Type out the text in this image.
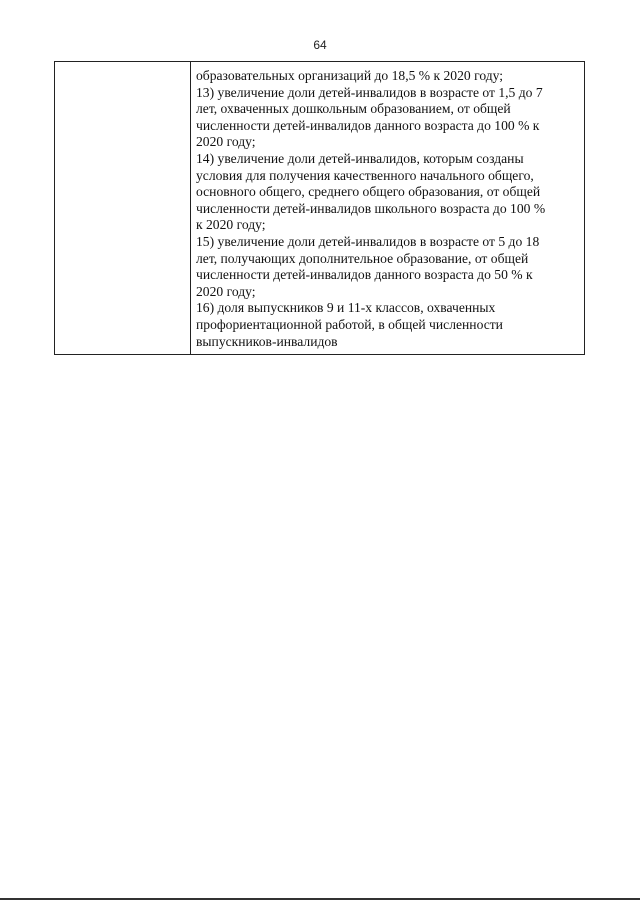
64

образовательных организаций до 18,5 % к 2020 году;
13) увеличение доли детей-инвалидов в возрасте от 1,5 до 7
лет, охваченных дошкольным образованием, от общей
численности детей-инвалидов данного возраста до 100 % к
2020 году;
14) увеличение доли детей-инвалидов, которым созданы
условия для получения качественного начального общего,
основного общего, среднего общего образования, от общей
численности детей-инвалидов школьного возраста до 100 %
к 2020 году;
15) увеличение доли детей-инвалидов в возрасте от 5 до 18
лет, получающих дополнительное образование, от общей
численности детей-инвалидов данного возраста до 50 % к
2020 году;
16) доля выпускников 9 и 11-х классов, охваченных
профориентационной работой, в общей численности
выпускников-инвалидов
